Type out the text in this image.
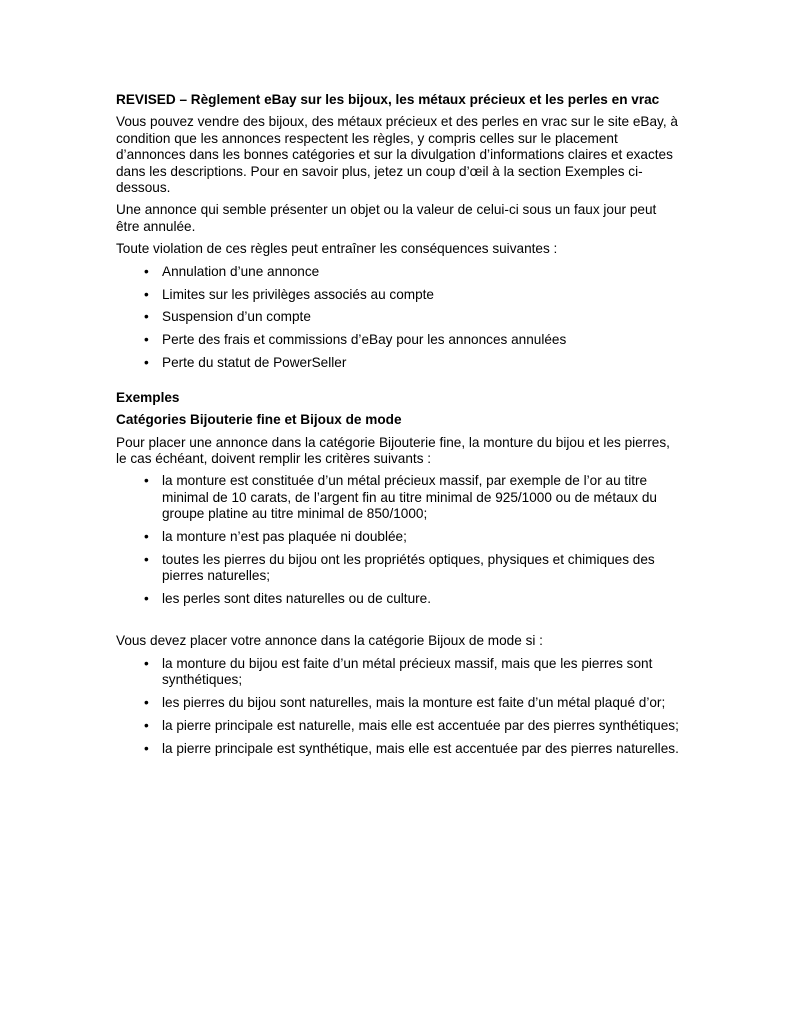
REVISED – Règlement eBay sur les bijoux, les métaux précieux et les perles en vrac

Vous pouvez vendre des bijoux, des métaux précieux et des perles en vrac sur le site eBay, à condition que les annonces respectent les règles, y compris celles sur le placement d’annonces dans les bonnes catégories et sur la divulgation d’informations claires et exactes dans les descriptions. Pour en savoir plus, jetez un coup d’œil à la section Exemples ci-dessous.

Une annonce qui semble présenter un objet ou la valeur de celui-ci sous un faux jour peut être annulée.

Toute violation de ces règles peut entraîner les conséquences suivantes :

• Annulation d’une annonce
• Limites sur les privilèges associés au compte
• Suspension d’un compte
• Perte des frais et commissions d’eBay pour les annonces annulées
• Perte du statut de PowerSeller
Exemples
Catégories Bijouterie fine et Bijoux de mode

Pour placer une annonce dans la catégorie Bijouterie fine, la monture du bijou et les pierres, le cas échéant, doivent remplir les critères suivants :

• la monture est constituée d’un métal précieux massif, par exemple de l’or au titre minimal de 10 carats, de l’argent fin au titre minimal de 925/1000 ou de métaux du groupe platine au titre minimal de 850/1000;
• la monture n’est pas plaquée ni doublée;
• toutes les pierres du bijou ont les propriétés optiques, physiques et chimiques des pierres naturelles;
• les perles sont dites naturelles ou de culture.

Vous devez placer votre annonce dans la catégorie Bijoux de mode si :

• la monture du bijou est faite d’un métal précieux massif, mais que les pierres sont synthétiques;
• les pierres du bijou sont naturelles, mais la monture est faite d’un métal plaqué d’or;
• la pierre principale est naturelle, mais elle est accentuée par des pierres synthétiques;
• la pierre principale est synthétique, mais elle est accentuée par des pierres naturelles.
